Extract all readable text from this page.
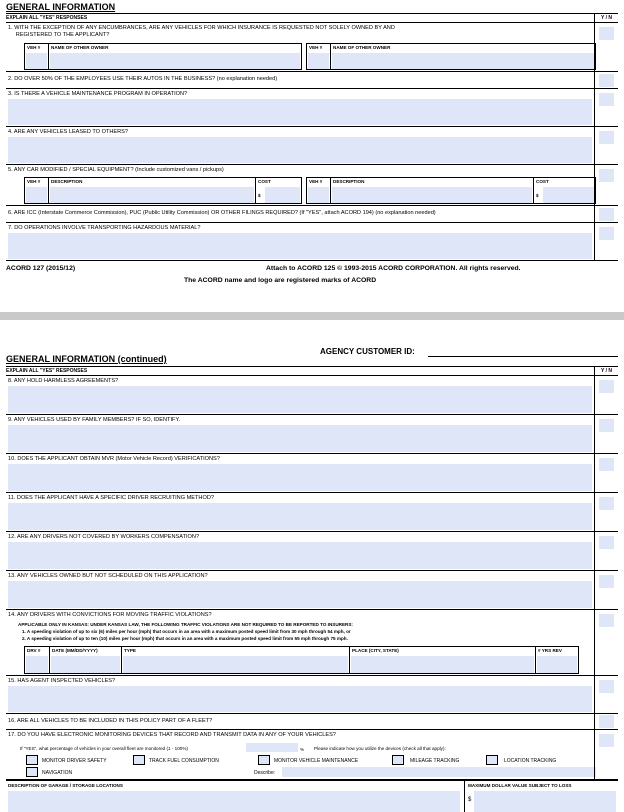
GENERAL INFORMATION
EXPLAIN ALL "YES" RESPONSES	Y / N
1. WITH THE EXCEPTION OF ANY ENCUMBRANCES, ARE ANY VEHICLES FOR WHICH INSURANCE IS REQUESTED NOT SOLELY OWNED BY AND
REGISTERED TO THE APPLICANT?
VEH # NAME OF OTHER OWNER	VEH # NAME OF OTHER OWNER
2. DO OVER 50% OF THE EMPLOYEES USE THEIR AUTOS IN THE BUSINESS? (no explanation needed)
3. IS THERE A VEHICLE MAINTENANCE PROGRAM IN OPERATION?
4. ARE ANY VEHICLES LEASED TO OTHERS?
5. ANY CAR MODIFIED / SPECIAL EQUIPMENT? (Include customized vans / pickups)
VEH # DESCRIPTION	COST
$
VEH # DESCRIPTION	COST
$
6. ARE ICC (Interstate Commerce Commission), PUC (Public Utility Commission) OR OTHER FILINGS REQUIRED? (If "YES", attach ACORD 194) (no explanation needed)
7. DO OPERATIONS INVOLVE TRANSPORTING HAZARDOUS MATERIAL?
ACORD 127 (2015/12)	Attach to ACORD 125 © 1993-2015 ACORD CORPORATION. All rights reserved.
The ACORD name and logo are registered marks of ACORD
AGENCY CUSTOMER ID:
GENERAL INFORMATION (continued)
EXPLAIN ALL "YES" RESPONSES	Y / N
8. ANY HOLD HARMLESS AGREEMENTS?
9. ANY VEHICLES USED BY FAMILY MEMBERS? IF SO, IDENTIFY.
10. DOES THE APPLICANT OBTAIN MVR (Motor Vehicle Record) VERIFICATIONS?
11. DOES THE APPLICANT HAVE A SPECIFIC DRIVER RECRUITING METHOD?
12. ARE ANY DRIVERS NOT COVERED BY WORKERS COMPENSATION?
13. ANY VEHICLES OWNED BUT NOT SCHEDULED ON THIS APPLICATION?
14. ANY DRIVERS WITH CONVICTIONS FOR MOVING TRAFFIC VIOLATIONS?
APPLICABLE ONLY IN KANSAS: UNDER KANSAS LAW, THE FOLLOWING TRAFFIC VIOLATIONS ARE NOT REQUIRED TO BE REPORTED TO INSURERS:
1. A speeding violation of up to six (6) miles per hour (mph) that occurs in an area with a maximum posted speed limit from 30 mph through 54 mph, or
2. A speeding violation of up to ten (10) miles per hour (mph) that occurs in an area with a maximum posted speed limit from 55 mph through 75 mph.
DRV #	DATE (MM/DD/YYYY)	TYPE	PLACE (CITY, STATE)	# YRS REV
15. HAS AGENT INSPECTED VEHICLES?
16. ARE ALL VEHICLES TO BE INCLUDED IN THIS POLICY PART OF A FLEET?
17. DO YOU HAVE ELECTRONIC MONITORING DEVICES THAT RECORD AND TRANSMIT DATA IN ANY OF YOUR VEHICLES?
If "YES", what percentage of vehicles in your overall fleet are monitored (1 - 100%)	% Please indicate how you utilize the devices (check all that apply):
MONITOR DRIVER SAFETY	TRACK FUEL CONSUMPTION	MONITOR VEHICLE MAINTENANCE	MILEAGE TRACKING	LOCATION TRACKING
NAVIGATION	Describe:
DESCRIPTION OF GARAGE / STORAGE LOCATIONS	MAXIMUM DOLLAR VALUE SUBJECT TO LOSS
$
